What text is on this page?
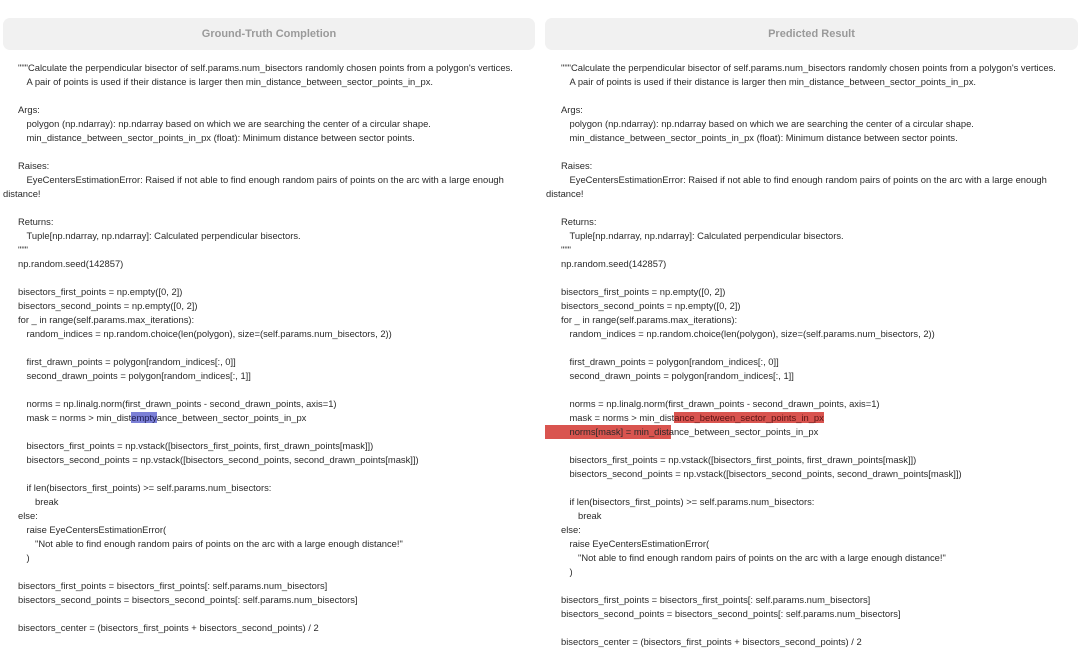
Ground-Truth Completion
"""Calculate the perpendicular bisector of self.params.num_bisectors randomly chosen points from a polygon's vertices.
A pair of points is used if their distance is larger then min_distance_between_sector_points_in_px.
Args:
polygon (np.ndarray): np.ndarray based on which we are searching the center of a circular shape.
min_distance_between_sector_points_in_px (float): Minimum distance between sector points.
Raises:
EyeCentersEstimationError: Raised if not able to find enough random pairs of points on the arc with a large enough
distance!
Returns:
Tuple[np.ndarray, np.ndarray]: Calculated perpendicular bisectors.
"""
np.random.seed(142857)
bisectors_first_points = np.empty([0, 2])
bisectors_second_points = np.empty([0, 2])
for _ in range(self.params.max_iterations):
random_indices = np.random.choice(len(polygon), size=(self.params.num_bisectors, 2))
first_drawn_points = polygon[random_indices[:, 0]]
second_drawn_points = polygon[random_indices[:, 1]]
norms = np.linalg.norm(first_drawn_points - second_drawn_points, axis=1)
mask = norms > min_distemptyance_between_sector_points_in_px
bisectors_first_points = np.vstack([bisectors_first_points, first_drawn_points[mask]])
bisectors_second_points = np.vstack([bisectors_second_points, second_drawn_points[mask]])
if len(bisectors_first_points) >= self.params.num_bisectors:
break
else:
raise EyeCentersEstimationError(
"Not able to find enough random pairs of points on the arc with a large enough distance!"
)
bisectors_first_points = bisectors_first_points[: self.params.num_bisectors]
bisectors_second_points = bisectors_second_points[: self.params.num_bisectors]
bisectors_center = (bisectors_first_points + bisectors_second_points) / 2
Predicted Result
"""Calculate the perpendicular bisector of self.params.num_bisectors randomly chosen points from a polygon's vertices.
A pair of points is used if their distance is larger then min_distance_between_sector_points_in_px.
Args:
polygon (np.ndarray): np.ndarray based on which we are searching the center of a circular shape.
min_distance_between_sector_points_in_px (float): Minimum distance between sector points.
Raises:
EyeCentersEstimationError: Raised if not able to find enough random pairs of points on the arc with a large enough
distance!
Returns:
Tuple[np.ndarray, np.ndarray]: Calculated perpendicular bisectors.
"""
np.random.seed(142857)
bisectors_first_points = np.empty([0, 2])
bisectors_second_points = np.empty([0, 2])
for _ in range(self.params.max_iterations):
random_indices = np.random.choice(len(polygon), size=(self.params.num_bisectors, 2))
first_drawn_points = polygon[random_indices[:, 0]]
second_drawn_points = polygon[random_indices[:, 1]]
norms = np.linalg.norm(first_drawn_points - second_drawn_points, axis=1)
mask = norms > min_distance_between_sector_points_in_px
norms[mask] = min_distance_between_sector_points_in_px
bisectors_first_points = np.vstack([bisectors_first_points, first_drawn_points[mask]])
bisectors_second_points = np.vstack([bisectors_second_points, second_drawn_points[mask]])
if len(bisectors_first_points) >= self.params.num_bisectors:
break
else:
raise EyeCentersEstimationError(
"Not able to find enough random pairs of points on the arc with a large enough distance!"
)
bisectors_first_points = bisectors_first_points[: self.params.num_bisectors]
bisectors_second_points = bisectors_second_points[: self.params.num_bisectors]
bisectors_center = (bisectors_first_points + bisectors_second_points) / 2
